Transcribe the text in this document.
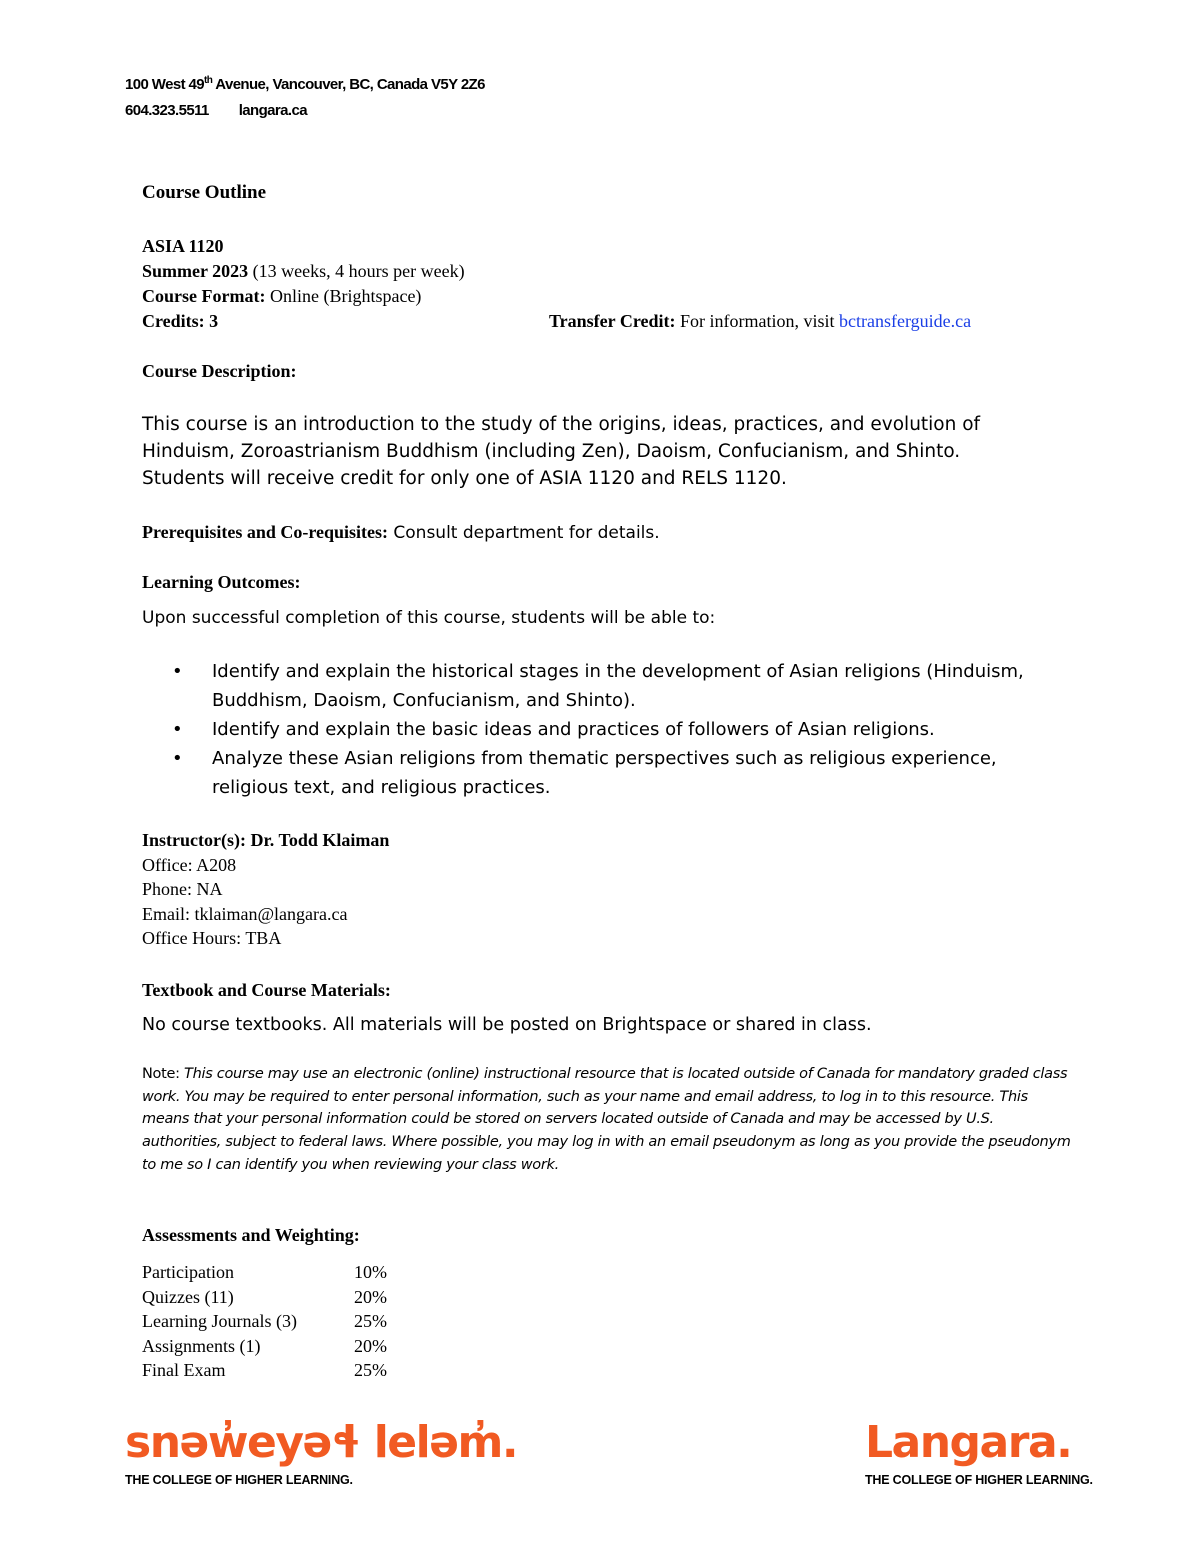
100 West 49th Avenue, Vancouver, BC, Canada V5Y 2Z6
604.323.5511 langara.ca
Course Outline
ASIA 1120
Summer 2023 (13 weeks, 4 hours per week)
Course Format: Online (Brightspace)
Credits: 3	Transfer Credit: For information, visit bctransferguide.ca
Course Description:
This course is an introduction to the study of the origins, ideas, practices, and evolution of Hinduism, Zoroastrianism Buddhism (including Zen), Daoism, Confucianism, and Shinto. Students will receive credit for only one of ASIA 1120 and RELS 1120.
Prerequisites and Co-requisites: Consult department for details.
Learning Outcomes:
Upon successful completion of this course, students will be able to:
• Identify and explain the historical stages in the development of Asian religions (Hinduism, Buddhism, Daoism, Confucianism, and Shinto).
• Identify and explain the basic ideas and practices of followers of Asian religions.
• Analyze these Asian religions from thematic perspectives such as religious experience, religious text, and religious practices.
Instructor(s): Dr. Todd Klaiman
Office: A208
Phone: NA
Email: tklaiman@langara.ca
Office Hours: TBA
Textbook and Course Materials:
No course textbooks. All materials will be posted on Brightspace or shared in class.
Note: This course may use an electronic (online) instructional resource that is located outside of Canada for mandatory graded class work. You may be required to enter personal information, such as your name and email address, to log in to this resource. This means that your personal information could be stored on servers located outside of Canada and may be accessed by U.S. authorities, subject to federal laws. Where possible, you may log in with an email pseudonym as long as you provide the pseudonym to me so I can identify you when reviewing your class work.
Assessments and Weighting:
Participation	10%
Quizzes (11)	20%
Learning Journals (3)	25%
Assignments (1)	20%
Final Exam	25%
snəw̓eyəɬ leləm̓.
THE COLLEGE OF HIGHER LEARNING.
Langara.
THE COLLEGE OF HIGHER LEARNING.
